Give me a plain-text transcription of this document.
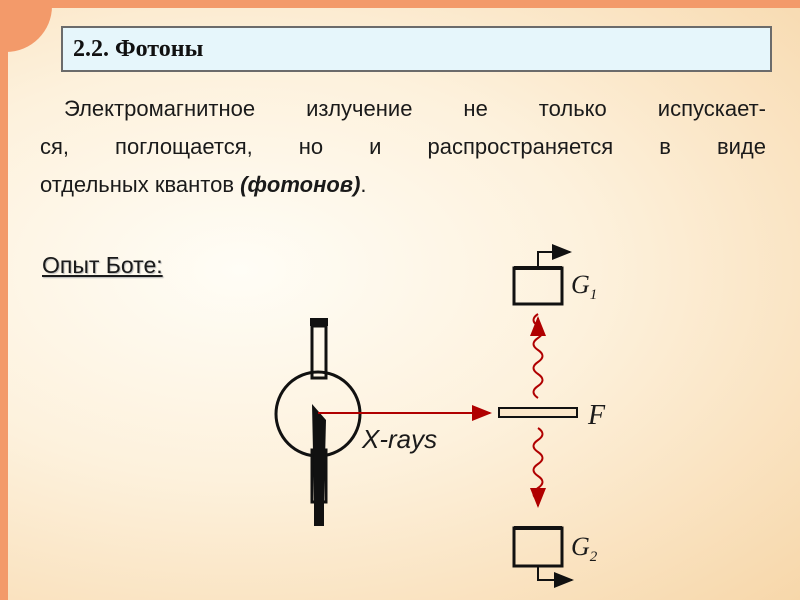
2.2. Фотоны
Электромагнитное излучение не только испускает-
ся, поглощается, но и распространяется в виде
отдельных квантов (фотонов).
Опыт Боте:
X-rays
F
$G_1$
$G_2$
